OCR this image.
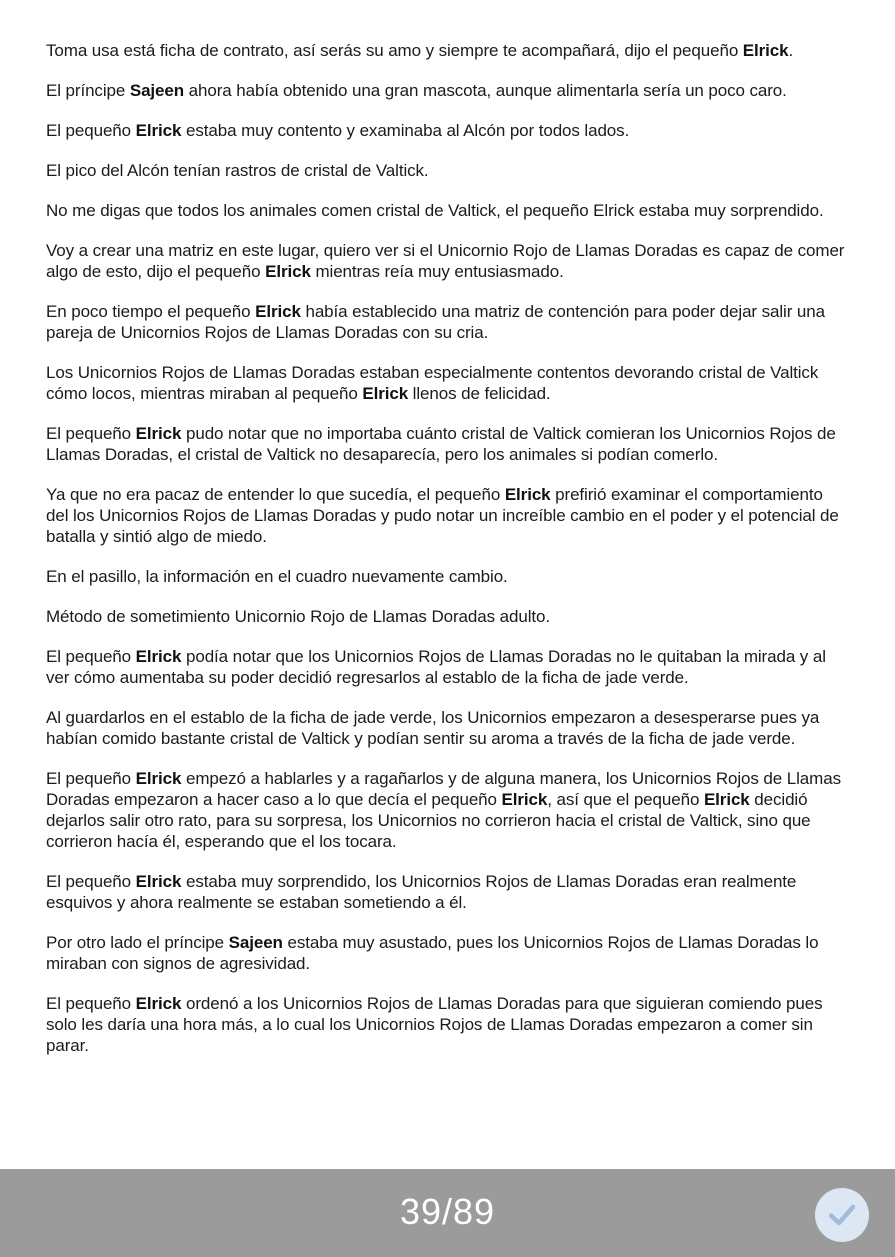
Toma usa está ficha de contrato, así serás su amo y siempre te acompañará, dijo el pequeño Elrick.

El príncipe Sajeen ahora había obtenido una gran mascota, aunque alimentarla sería un poco caro.

El pequeño Elrick estaba muy contento y examinaba al Alcón por todos lados.

El pico del Alcón tenían rastros de cristal de Valtick.

No me digas que todos los animales comen cristal de Valtick, el pequeño Elrick estaba muy sorprendido.

Voy a crear una matriz en este lugar, quiero ver si el Unicornio Rojo de Llamas Doradas es capaz de comer algo de esto, dijo el pequeño Elrick mientras reía muy entusiasmado.

En poco tiempo el pequeño Elrick había establecido una matriz de contención para poder dejar salir una pareja de Unicornios Rojos de Llamas Doradas con su cria.

Los Unicornios Rojos de Llamas Doradas estaban especialmente contentos devorando cristal de Valtick cómo locos, mientras miraban al pequeño Elrick llenos de felicidad.

El pequeño Elrick pudo notar que no importaba cuánto cristal de Valtick comieran los Unicornios Rojos de Llamas Doradas, el cristal de Valtick no desaparecía, pero los animales si podían comerlo.

Ya que no era pacaz de entender lo que sucedía, el pequeño Elrick prefirió examinar el comportamiento del los Unicornios Rojos de Llamas Doradas y pudo notar un increíble cambio en el poder y el potencial de batalla y sintió algo de miedo.

En el pasillo, la información en el cuadro nuevamente cambio.

Método de sometimiento Unicornio Rojo de Llamas Doradas adulto.

El pequeño Elrick podía notar que los Unicornios Rojos de Llamas Doradas no le quitaban la mirada y al ver cómo aumentaba su poder decidió regresarlos al establo de la ficha de jade verde.

Al guardarlos en el establo de la ficha de jade verde, los Unicornios empezaron a desesperarse pues ya habían comido bastante cristal de Valtick y podían sentir su aroma a través de la ficha de jade verde.

El pequeño Elrick empezó a hablarles y a ragañarlos y de alguna manera, los Unicornios Rojos de Llamas Doradas empezaron a hacer caso a lo que decía el pequeño Elrick, así que el pequeño Elrick decidió dejarlos salir otro rato, para su sorpresa, los Unicornios no corrieron hacia el cristal de Valtick, sino que corrieron hacía él, esperando que el los tocara.

El pequeño Elrick estaba muy sorprendido, los Unicornios Rojos de Llamas Doradas eran realmente esquivos y ahora realmente se estaban sometiendo a él.

Por otro lado el príncipe Sajeen estaba muy asustado, pues los Unicornios Rojos de Llamas Doradas lo miraban con signos de agresividad.

El pequeño Elrick ordenó a los Unicornios Rojos de Llamas Doradas para que siguieran comiendo pues solo les daría una hora más, a lo cual los Unicornios Rojos de Llamas Doradas empezaron a comer sin parar.

39/89
